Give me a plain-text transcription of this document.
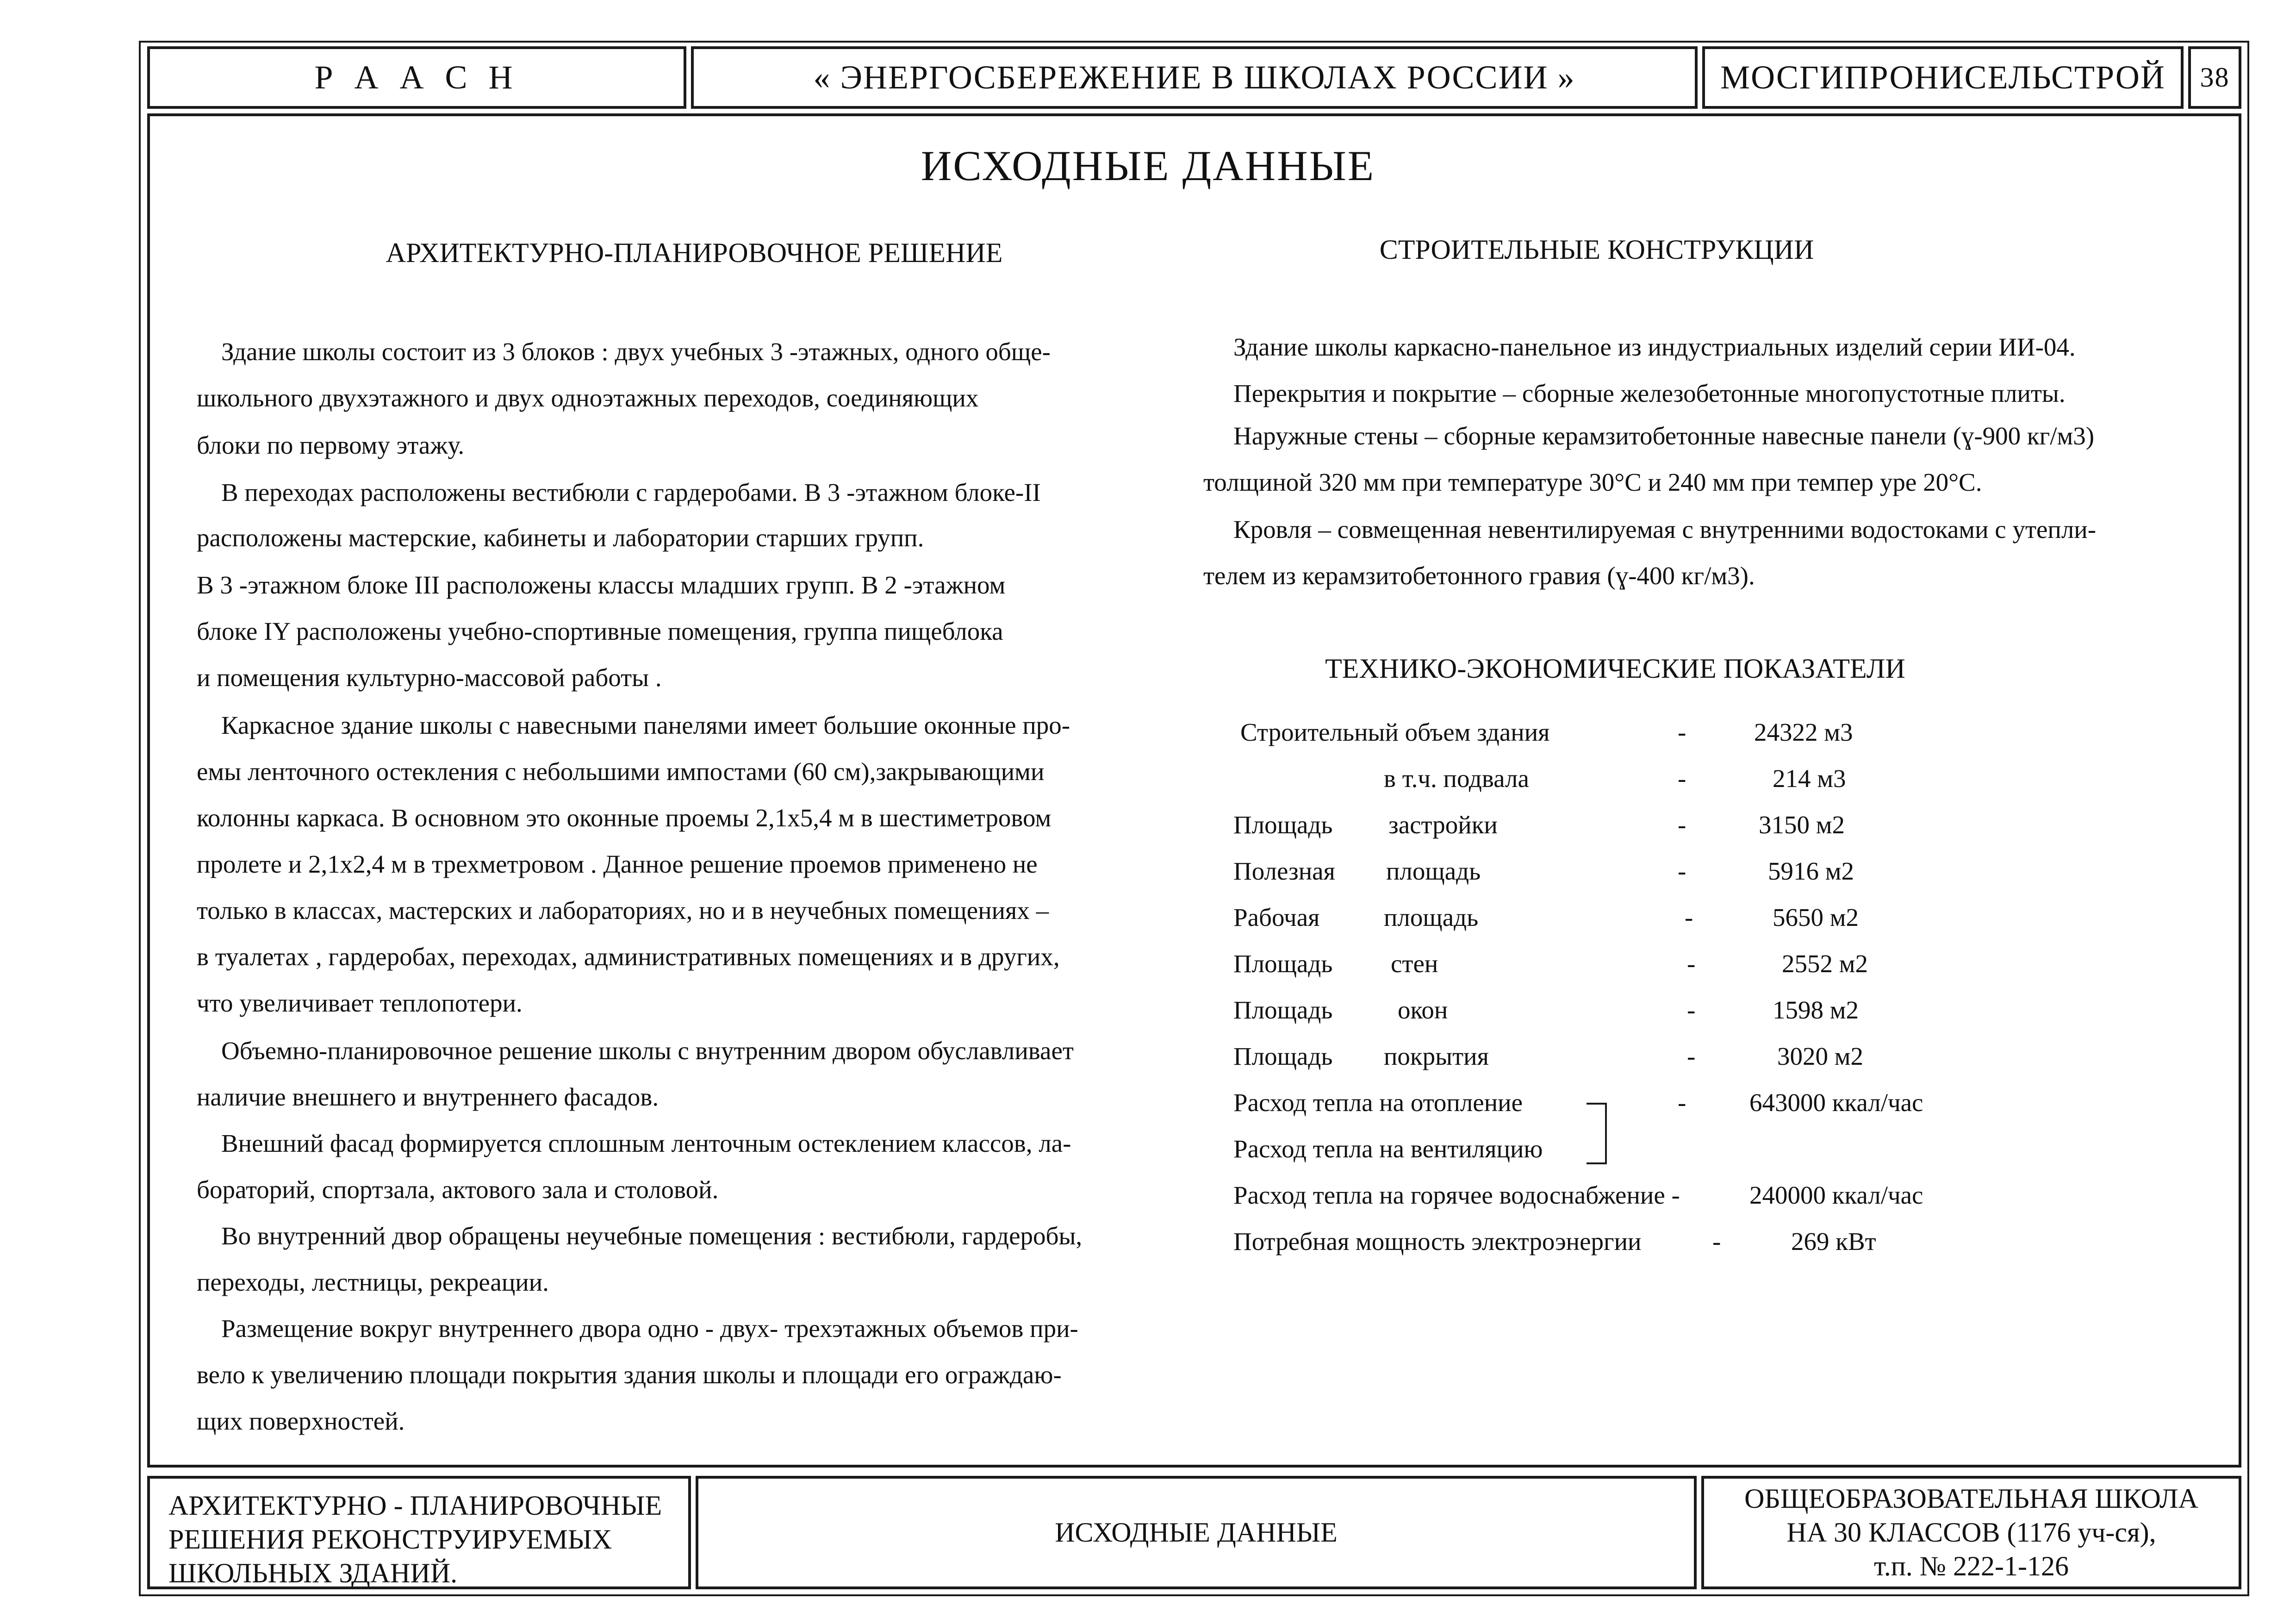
Р А А С Н	« ЭНЕРГОСБЕРЕЖЕНИЕ В ШКОЛАХ РОССИИ »	МОСГИПРОНИСЕЛЬСТРОЙ 38
ИСХОДНЫЕ ДАННЫЕ
АРХИТЕКТУРНО-ПЛАНИРОВОЧНОЕ РЕШЕНИЕ
Здание школы состоит из 3 блоков : двух учебных 3 -этажных, одного обще-
школьного двухэтажного и двух одноэтажных переходов, соединяющих
блоки по первому этажу.
В переходах расположены вестибюли с гардеробами. В 3 -этажном блоке-II
расположены мастерские, кабинеты и лаборатории старших групп.
В 3 -этажном блоке III расположены классы младших групп. В 2 -этажном
блоке IY расположены учебно-спортивные помещения, группа пищеблока
и помещения культурно-массовой работы .
Каркасное здание школы с навесными панелями имеет большие оконные про-
емы ленточного остекления с небольшими импостами (60 см),закрывающими
колонны каркаса. В основном это оконные проемы 2,1х5,4 м в шестиметровом
пролете и 2,1х2,4 м в трехметровом . Данное решение проемов применено не
только в классах, мастерских и лабораториях, но и в неучебных помещениях –
в туалетах , гардеробах, переходах, административных помещениях и в других,
что увеличивает теплопотери.
Объемно-планировочное решение школы с внутренним двором обуславливает
наличие внешнего и внутреннего фасадов.
Внешний фасад формируется сплошным ленточным остеклением классов, ла-
бораторий, спортзала, актового зала и столовой.
Во внутренний двор обращены неучебные помещения : вестибюли, гардеробы,
переходы, лестницы, рекреации.
Размещение вокруг внутреннего двора одно - двух- трехэтажных объемов при-
вело к увеличению площади покрытия здания школы и площади его ограждаю-
щих поверхностей.
СТРОИТЕЛЬНЫЕ КОНСТРУКЦИИ
Здание школы каркасно-панельное из индустриальных изделий серии ИИ-04.
Перекрытия и покрытие – сборные железобетонные многопустотные плиты.
Наружные стены – сборные керамзитобетонные навесные панели (ɣ-900 кг/м3)
толщиной 320 мм при температуре 30°С и 240 мм при темпер уре 20°С.
Кровля – совмещенная невентилируемая с внутренними водостоками с утепли-
телем из керамзитобетонного гравия (ɣ-400 кг/м3).
ТЕХНИКО-ЭКОНОМИЧЕСКИЕ ПОКАЗАТЕЛИ
Строительный объем здания	-	24322 м3
в т.ч. подвала	-	214 м3
Площадь застройки	-	3150 м2
Полезная площадь	-	5916 м2
Рабочая	площадь	-	5650 м2
Площадь стен	-	2552 м2
Площадь	окон	-	1598 м2
Площадь покрытия	-	3020 м2
Расход тепла на отопление	- 643000 ккал/час
Расход тепла на вентиляцию
Расход тепла на горячее водоснабжение -	240000 ккал/час
Потребная мощность электроэнергии	-	269 кВт
АРХИТЕКТУРНО - ПЛАНИРОВОЧНЫЕ
РЕШЕНИЯ РЕКОНСТРУИРУЕМЫХ
ШКОЛЬНЫХ ЗДАНИЙ.
ИСХОДНЫЕ ДАННЫЕ
ОБЩЕОБРАЗОВАТЕЛЬНАЯ ШКОЛА
НА 30 КЛАССОВ (1176 уч-ся),
т.п. № 222-1-126
